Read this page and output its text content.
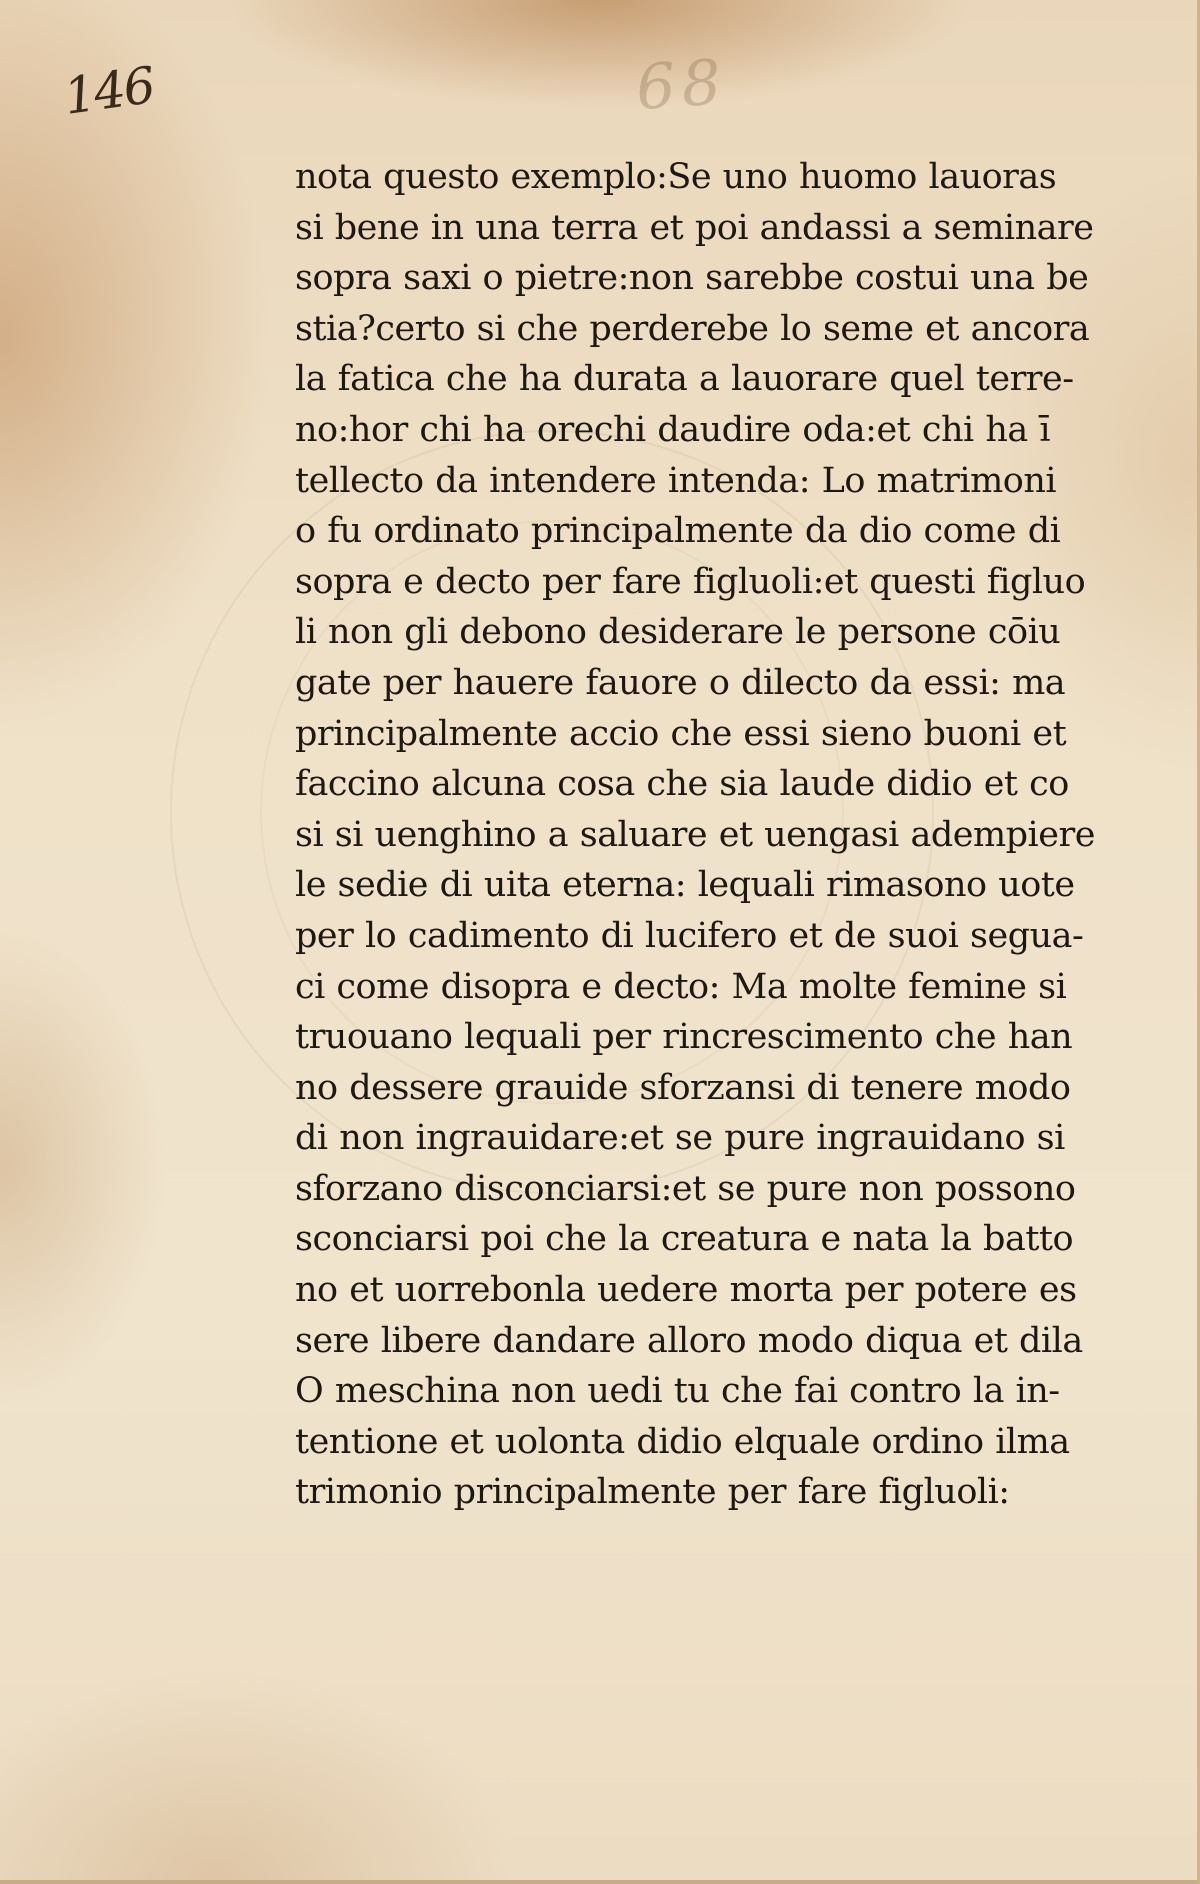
146	68
nota questo exemplo:Se uno huomo lauoras
si bene in una terra et poi andassi a seminare
sopra saxi o pietre:non sarebbe costui una be
stia?certo si che perderebe lo seme et ancora
la fatica che ha durata a lauorare quel terre-
no:hor chi ha orechi daudire oda:et chi ha ī
tellecto da intendere intenda: Lo matrimoni
o fu ordinato principalmente da dio come di
sopra e decto per fare figluoli:et questi figluo
li non gli debono desiderare le persone cōiu
gate per hauere fauore o dilecto da essi: ma
principalmente accio che essi sieno buoni et
faccino alcuna cosa che sia laude didio et co
si si uenghino a saluare et uengasi adempiere
le sedie di uita eterna: lequali rimasono uote
per lo cadimento di lucifero et de suoi segua-
ci come disopra e decto: Ma molte femine si
truouano lequali per rincrescimento che han
no dessere grauide sforzansi di tenere modo
di non ingrauidare:et se pure ingrauidano si
sforzano disconciarsi:et se pure non possono
sconciarsi poi che la creatura e nata la batto
no et uorrebonla uedere morta per potere es
sere libere dandare alloro modo diqua et dila
O meschina non uedi tu che fai contro la in-
tentione et uolonta didio elquale ordino ilma
trimonio principalmente per fare figluoli:
